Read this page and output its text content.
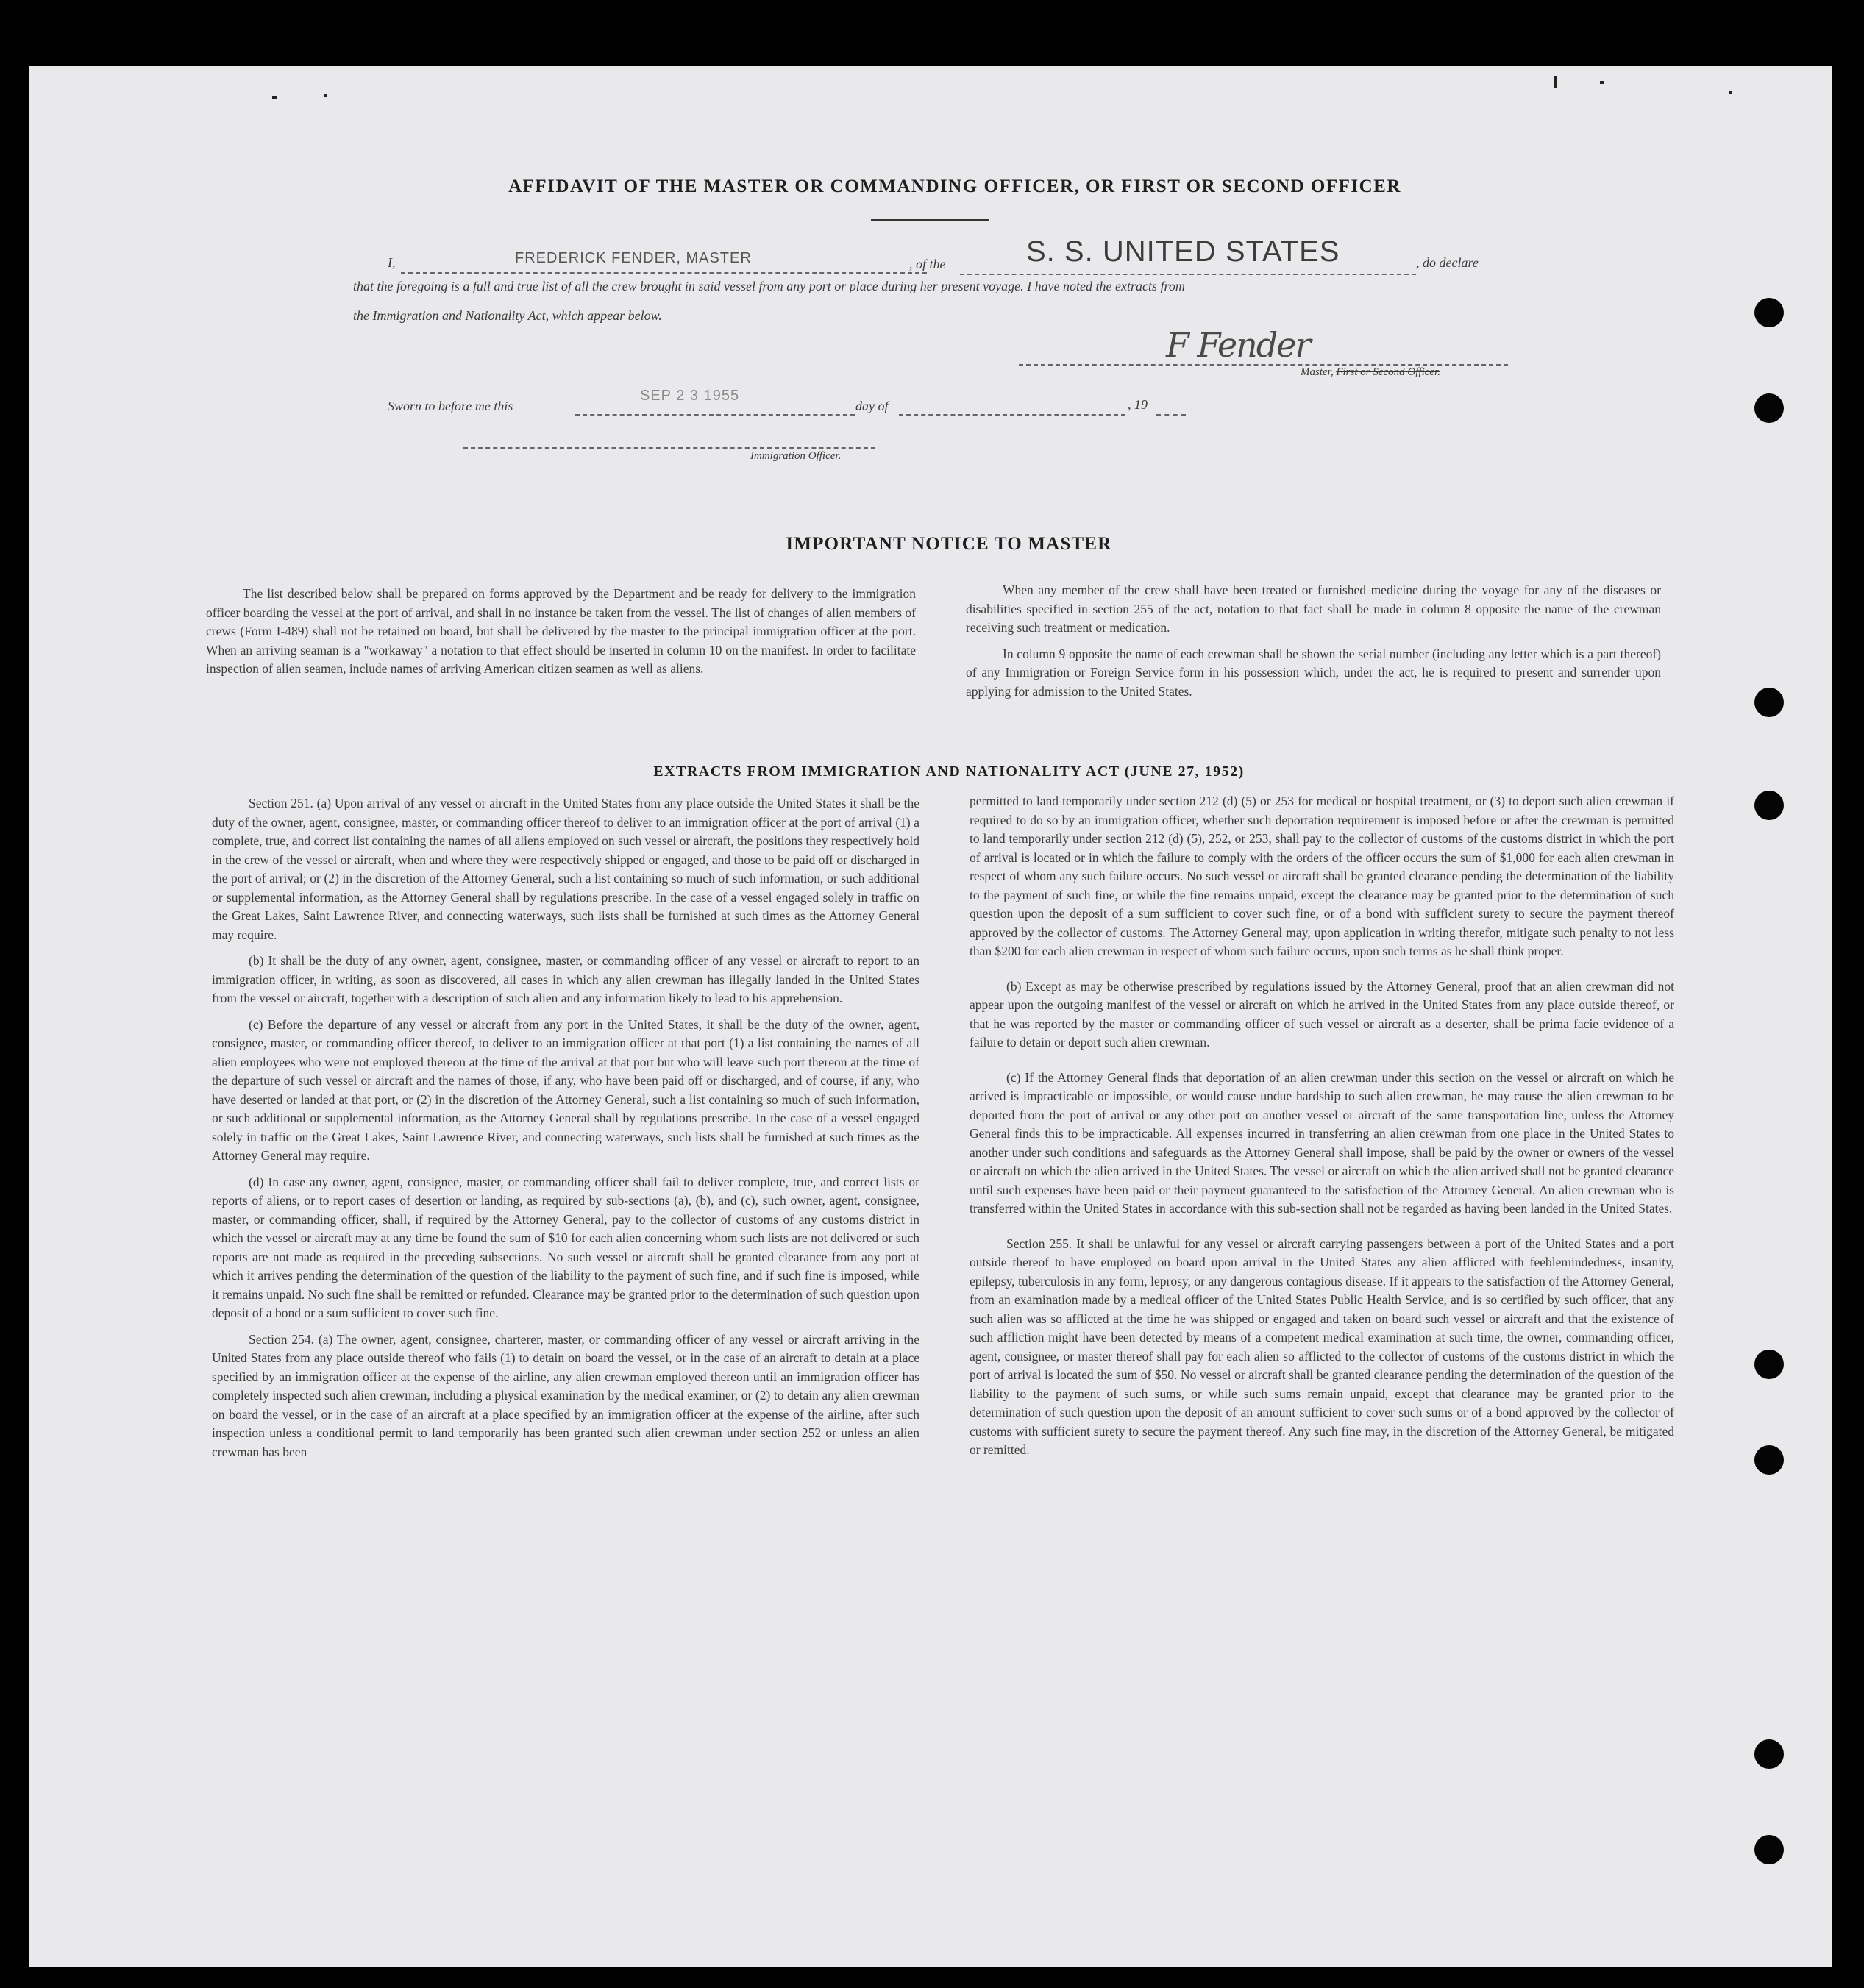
AFFIDAVIT OF THE MASTER OR COMMANDING OFFICER, OR FIRST OR SECOND OFFICER
I,	FREDERICK FENDER, MASTER	, of the	S. S. UNITED STATES	, do declare
that the foregoing is a full and true list of all the crew brought in said vessel from any port or place during her present voyage. I have noted the extracts from
the Immigration and Nationality Act, which appear below.
F Fender
Master, First or Second Officer.
Sworn to before me this
SEP 2 3 1955
day of	, 19
Immigration Officer.
IMPORTANT NOTICE TO MASTER

The list described below shall be prepared on forms approved by the Department and be ready for delivery to the immigration officer boarding the vessel at the port of arrival, and shall in no instance be taken from the vessel. The list of changes of alien members of crews (Form I-489) shall not be retained on board, but shall be delivered by the master to the principal immigration officer at the port. When an arriving seaman is a "workaway" a notation to that effect should be inserted in column 10 on the manifest. In order to facilitate inspection of alien seamen, include names of arriving American citizen seamen as well as aliens.

When any member of the crew shall have been treated or furnished medicine during the voyage for any of the diseases or disabilities specified in section 255 of the act, notation to that fact shall be made in column 8 opposite the name of the crewman receiving such treatment or medication.

In column 9 opposite the name of each crewman shall be shown the serial number (including any letter which is a part thereof) of any Immigration or Foreign Service form in his possession which, under the act, he is required to present and surrender upon applying for admission to the United States.

EXTRACTS FROM IMMIGRATION AND NATIONALITY ACT (JUNE 27, 1952)

Section 251. (a) Upon arrival of any vessel or aircraft in the United States from any place outside the United States it shall be the duty of the owner, agent, consignee, master, or commanding officer thereof to deliver to an immigration officer at the port of arrival (1) a complete, true, and correct list containing the names of all aliens employed on such vessel or aircraft, the positions they respectively hold in the crew of the vessel or aircraft, when and where they were respectively shipped or engaged, and those to be paid off or discharged in the port of arrival; or (2) in the discretion of the Attorney General, such a list containing so much of such information, or such additional or supplemental information, as the Attorney General shall by regulations prescribe. In the case of a vessel engaged solely in traffic on the Great Lakes, Saint Lawrence River, and connecting waterways, such lists shall be furnished at such times as the Attorney General may require.

(b) It shall be the duty of any owner, agent, consignee, master, or commanding officer of any vessel or aircraft to report to an immigration officer, in writing, as soon as discovered, all cases in which any alien crewman has illegally landed in the United States from the vessel or aircraft, together with a description of such alien and any information likely to lead to his apprehension.

(c) Before the departure of any vessel or aircraft from any port in the United States, it shall be the duty of the owner, agent, consignee, master, or commanding officer thereof, to deliver to an immigration officer at that port (1) a list containing the names of all alien employees who were not employed thereon at the time of the arrival at that port but who will leave such port thereon at the time of the departure of such vessel or aircraft and the names of those, if any, who have been paid off or discharged, and of course, if any, who have deserted or landed at that port, or (2) in the discretion of the Attorney General, such a list containing so much of such information, or such additional or supplemental information, as the Attorney General shall by regulations prescribe. In the case of a vessel engaged solely in traffic on the Great Lakes, Saint Lawrence River, and connecting waterways, such lists shall be furnished at such times as the Attorney General may require.

(d) In case any owner, agent, consignee, master, or commanding officer shall fail to deliver complete, true, and correct lists or reports of aliens, or to report cases of desertion or landing, as required by sub-sections (a), (b), and (c), such owner, agent, consignee, master, or commanding officer, shall, if required by the Attorney General, pay to the collector of customs of any customs district in which the vessel or aircraft may at any time be found the sum of $10 for each alien concerning whom such lists are not delivered or such reports are not made as required in the preceding subsections. No such vessel or aircraft shall be granted clearance from any port at which it arrives pending the determination of the question of the liability to the payment of such fine, and if such fine is imposed, while it remains unpaid. No such fine shall be remitted or refunded. Clearance may be granted prior to the determination of such question upon deposit of a bond or a sum sufficient to cover such fine.

Section 254. (a) The owner, agent, consignee, charterer, master, or commanding officer of any vessel or aircraft arriving in the United States from any place outside thereof who fails (1) to detain on board the vessel, or in the case of an aircraft to detain at a place specified by an immigration officer at the expense of the airline, any alien crewman employed thereon until an immigration officer has completely inspected such alien crewman, including a physical examination by the medical examiner, or (2) to detain any alien crewman on board the vessel, or in the case of an aircraft at a place specified by an immigration officer at the expense of the airline, after such inspection unless a conditional permit to land temporarily has been granted such alien crewman under section 252 or unless an alien crewman has been

permitted to land temporarily under section 212 (d) (5) or 253 for medical or hospital treatment, or (3) to deport such alien crewman if required to do so by an immigration officer, whether such deportation requirement is imposed before or after the crewman is permitted to land temporarily under section 212 (d) (5), 252, or 253, shall pay to the collector of customs of the customs district in which the port of arrival is located or in which the failure to comply with the orders of the officer occurs the sum of $1,000 for each alien crewman in respect of whom any such failure occurs. No such vessel or aircraft shall be granted clearance pending the determination of the liability to the payment of such fine, or while the fine remains unpaid, except the clearance may be granted prior to the determination of such question upon the deposit of a sum sufficient to cover such fine, or of a bond with sufficient surety to secure the payment thereof approved by the collector of customs. The Attorney General may, upon application in writing therefor, mitigate such penalty to not less than $200 for each alien crewman in respect of whom such failure occurs, upon such terms as he shall think proper.

(b) Except as may be otherwise prescribed by regulations issued by the Attorney General, proof that an alien crewman did not appear upon the outgoing manifest of the vessel or aircraft on which he arrived in the United States from any place outside thereof, or that he was reported by the master or commanding officer of such vessel or aircraft as a deserter, shall be prima facie evidence of a failure to detain or deport such alien crewman.

(c) If the Attorney General finds that deportation of an alien crewman under this section on the vessel or aircraft on which he arrived is impracticable or impossible, or would cause undue hardship to such alien crewman, he may cause the alien crewman to be deported from the port of arrival or any other port on another vessel or aircraft of the same transportation line, unless the Attorney General finds this to be impracticable. All expenses incurred in transferring an alien crewman from one place in the United States to another under such conditions and safeguards as the Attorney General shall impose, shall be paid by the owner or owners of the vessel or aircraft on which the alien arrived in the United States. The vessel or aircraft on which the alien arrived shall not be granted clearance until such expenses have been paid or their payment guaranteed to the satisfaction of the Attorney General. An alien crewman who is transferred within the United States in accordance with this sub-section shall not be regarded as having been landed in the United States.

Section 255. It shall be unlawful for any vessel or aircraft carrying passengers between a port of the United States and a port outside thereof to have employed on board upon arrival in the United States any alien afflicted with feeblemindedness, insanity, epilepsy, tuberculosis in any form, leprosy, or any dangerous contagious disease. If it appears to the satisfaction of the Attorney General, from an examination made by a medical officer of the United States Public Health Service, and is so certified by such officer, that any such alien was so afflicted at the time he was shipped or engaged and taken on board such vessel or aircraft and that the existence of such affliction might have been detected by means of a competent medical examination at such time, the owner, commanding officer, agent, consignee, or master thereof shall pay for each alien so afflicted to the collector of customs of the customs district in which the port of arrival is located the sum of $50. No vessel or aircraft shall be granted clearance pending the determination of the question of the liability to the payment of such sums, or while such sums remain unpaid, except that clearance may be granted prior to the determination of such question upon the deposit of an amount sufficient to cover such sums or of a bond approved by the collector of customs with sufficient surety to secure the payment thereof. Any such fine may, in the discretion of the Attorney General, be mitigated or remitted.
